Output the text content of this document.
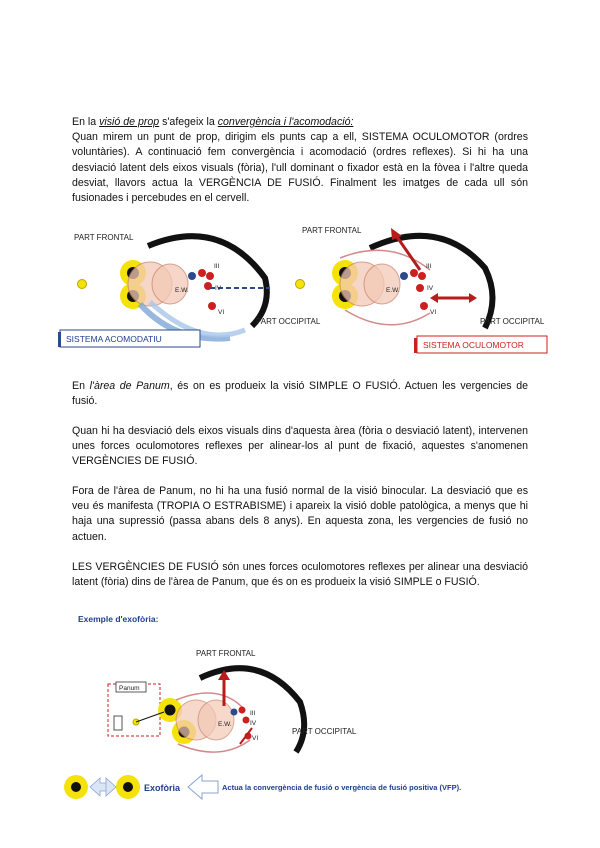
En la visió de prop s'afegeix la convergència i l'acomodació:
Quan mirem un punt de prop, dirigim els punts cap a ell, SISTEMA OCULOMOTOR (ordres voluntàries). A continuació fem convergència i acomodació (ordres reflexes). Si hi ha una desviació latent dels eixos visuals (fòria), l'ull dominant o fixador està en la fòvea i l'altre queda desviat, llavors actua la VERGÈNCIA DE FUSIÓ. Finalment les imatges de cada ull són fusionades i percebudes en el cervell.
PART FRONTAL
PART OCCIPITAL
E.W.
III
IV
VI
SISTEMA ACOMODATIU
PART FRONTAL
PART OCCIPITAL
E.W.
III
IV
VI
SISTEMA OCULOMOTOR
En l'àrea de Panum, és on es produeix la visió SIMPLE O FUSIÓ. Actuen les vergencies de fusió.
Quan hi ha desviació dels eixos visuals dins d'aquesta àrea (fòria o desviació latent), intervenen unes forces oculomotores reflexes per alinear-los al punt de fixació, aquestes s'anomenen VERGÈNCIES DE FUSIÓ.
Fora de l'àrea de Panum, no hi ha una fusió normal de la visió binocular. La desviació que es veu és manifesta (TROPIA O ESTRABISME) i apareix la visió doble patològica, a menys que hi haja una supressió (passa abans dels 8 anys). En aquesta zona, les vergencies de fusió no actuen.
LES VERGÈNCIES DE FUSIÓ són unes forces oculomotores reflexes per alinear una desviació latent (fòria) dins de l'àrea de Panum, que és on es produeix la visió SIMPLE o FUSIÓ.
Exemple d'exofòria:
Panum
PART FRONTAL
PART OCCIPITAL
E.W.
III
IV
VI
Exofòria	Actua la convergència de fusió o vergència de fusió positiva (VFP).
